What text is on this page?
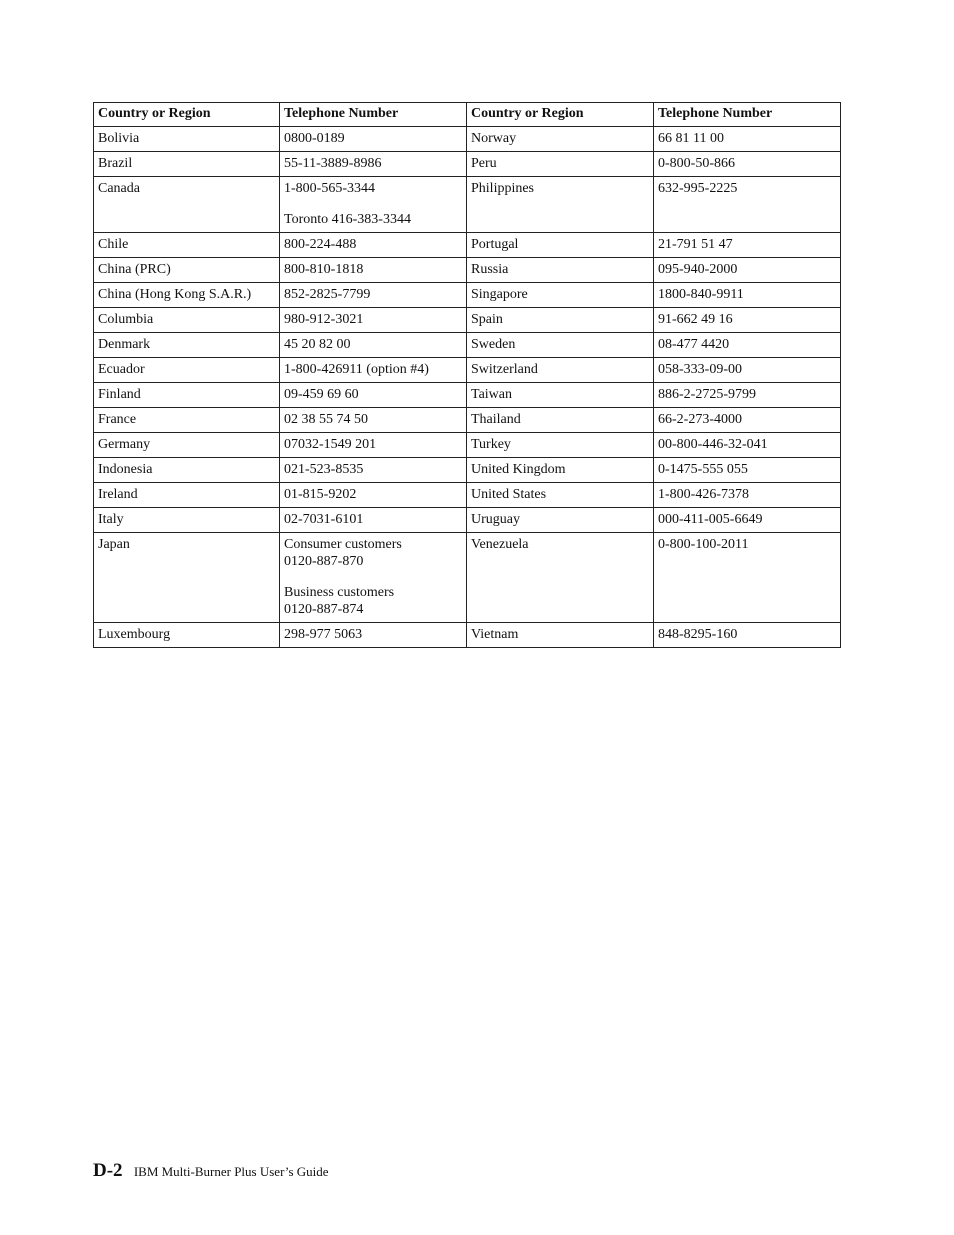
Country or Region	Telephone Number	Country or Region	Telephone Number

Bolivia	0800-0189	Norway	66 81 11 00

Brazil	55-11-3889-8986	Peru	0-800-50-866

Canada	1-800-565-3344
Toronto 416-383-3344	Philippines	632-995-2225

Chile	800-224-488	Portugal	21-791 51 47

China (PRC)	800-810-1818	Russia	095-940-2000

China (Hong Kong S.A.R.)	852-2825-7799	Singapore	1800-840-9911

Columbia	980-912-3021	Spain	91-662 49 16

Denmark	45 20 82 00	Sweden	08-477 4420

Ecuador	1-800-426911 (option #4)	Switzerland	058-333-09-00

Finland	09-459 69 60	Taiwan	886-2-2725-9799

France	02 38 55 74 50	Thailand	66-2-273-4000

Germany	07032-1549 201	Turkey	00-800-446-32-041

Indonesia	021-523-8535	United Kingdom	0-1475-555 055

Ireland	01-815-9202	United States	1-800-426-7378

Italy	02-7031-6101	Uruguay	000-411-005-6649

Japan	Consumer customers
0120-887-870
Business customers
0120-887-874	Venezuela	0-800-100-2011

Luxembourg	298-977 5063	Vietnam	848-8295-160
D-2 IBM Multi-Burner Plus User’s Guide
